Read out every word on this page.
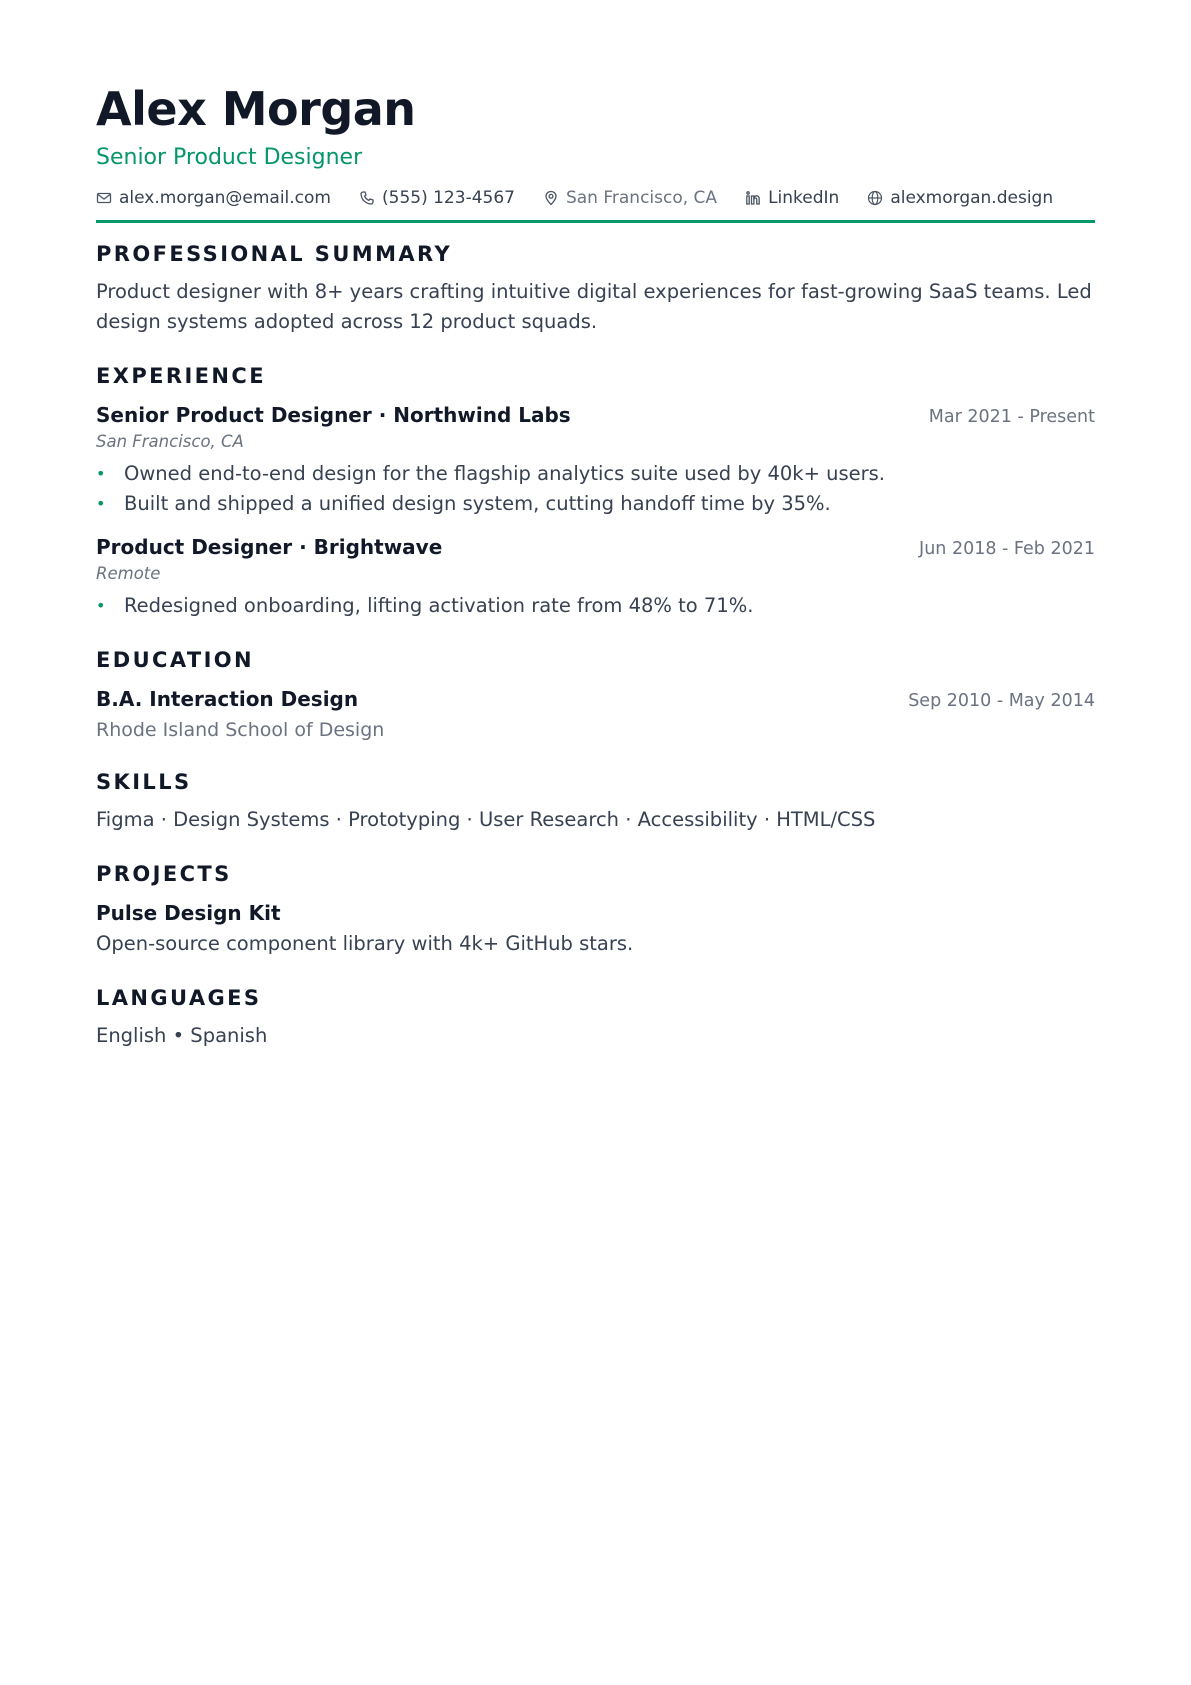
Alex Morgan
Senior Product Designer
alex.morgan@email.com	(555) 123-4567	San Francisco, CA	LinkedIn	alexmorgan.design
PROFESSIONAL SUMMARY
Product designer with 8+ years crafting intuitive digital experiences for fast-growing SaaS teams. Led design systems adopted across 12 product squads.
EXPERIENCE
Senior Product Designer · Northwind Labs	Mar 2021 - Present
San Francisco, CA
• Owned end-to-end design for the flagship analytics suite used by 40k+ users.
• Built and shipped a unified design system, cutting handoff time by 35%.
Product Designer · Brightwave	Jun 2018 - Feb 2021
Remote
• Redesigned onboarding, lifting activation rate from 48% to 71%.
EDUCATION
B.A. Interaction Design	Sep 2010 - May 2014
Rhode Island School of Design
SKILLS
Figma · Design Systems · Prototyping · User Research · Accessibility · HTML/CSS
PROJECTS
Pulse Design Kit
Open-source component library with 4k+ GitHub stars.
LANGUAGES
English • Spanish
